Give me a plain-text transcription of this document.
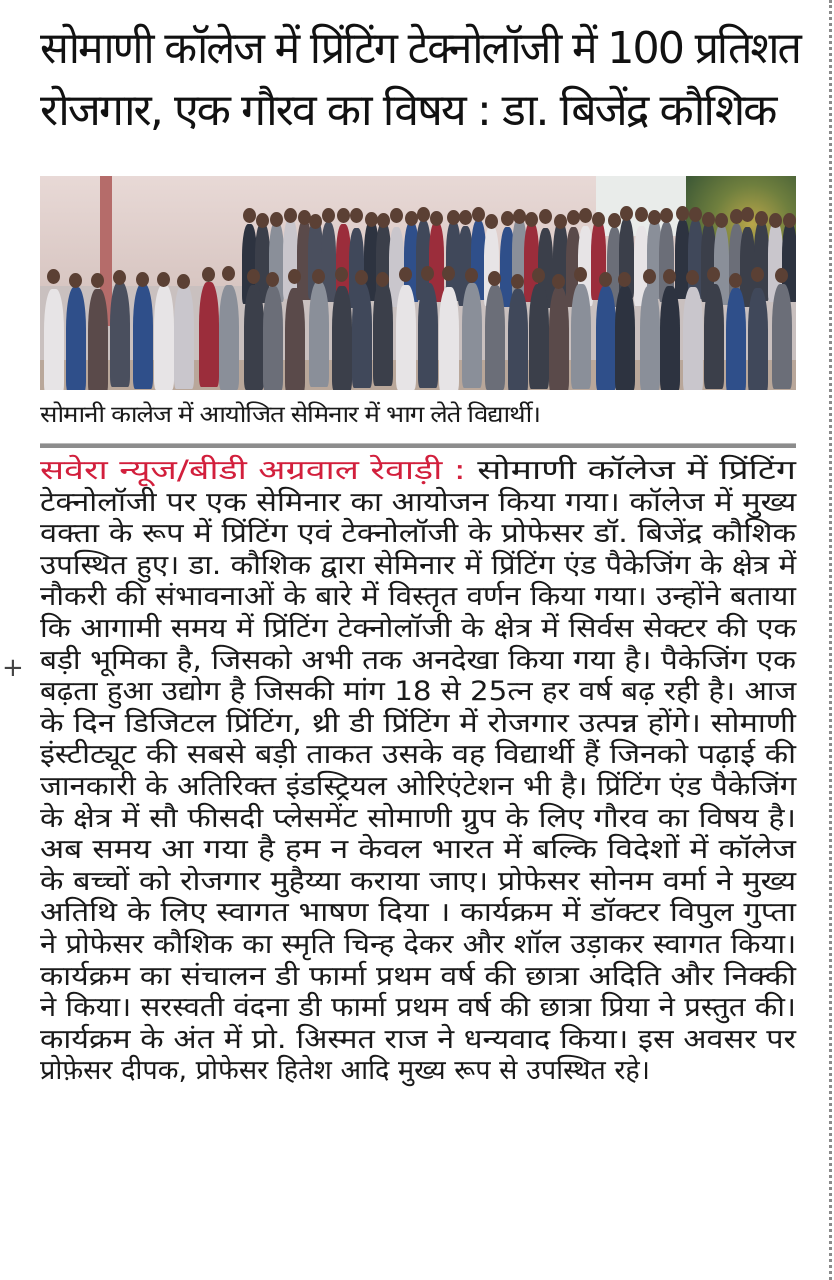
सोमाणी कॉलेज में प्रिंटिंग टेक्नोलॉजी में 100 प्रतिशत
रोजगार, एक गौरव का विषय : डा. बिजेंद्र कौशिक
सोमानी कालेज में आयोजित सेमिनार में भाग लेते विद्यार्थी।
+
सवेरा न्यूज/बीडी अग्रवाल रेवाड़ी : सोमाणी कॉलेज में प्रिंटिंग
टेक्नोलॉजी पर एक सेमिनार का आयोजन किया गया। कॉलेज में मुख्य
वक्ता के रूप में प्रिंटिंग एवं टेक्नोलॉजी के प्रोफेसर डॉ. बिजेंद्र कौशिक
उपस्थित हुए। डा. कौशिक द्वारा सेमिनार में प्रिंटिंग एंड पैकेजिंग के क्षेत्र में
नौकरी की संभावनाओं के बारे में विस्तृत वर्णन किया गया। उन्होंने बताया
कि आगामी समय में प्रिंटिंग टेक्नोलॉजी के क्षेत्र में सिर्वस सेक्टर की एक
बड़ी भूमिका है, जिसको अभी तक अनदेखा किया गया है। पैकेजिंग एक
बढ़ता हुआ उद्योग है जिसकी मांग 18 से 25त्न हर वर्ष बढ़ रही है। आज
के दिन डिजिटल प्रिंटिंग, थ्री डी प्रिंटिंग में रोजगार उत्पन्न होंगे। सोमाणी
इंस्टीट्यूट की सबसे बड़ी ताकत उसके वह विद्यार्थी हैं जिनको पढ़ाई की
जानकारी के अतिरिक्त इंडस्ट्रियल ओरिएंटेशन भी है। प्रिंटिंग एंड पैकेजिंग
के क्षेत्र में सौ फीसदी प्लेसमेंट सोमाणी ग्रुप के लिए गौरव का विषय है।
अब समय आ गया है हम न केवल भारत में बल्कि विदेशों में कॉलेज
के बच्चों को रोजगार मुहैय्या कराया जाए। प्रोफेसर सोनम वर्मा ने मुख्य
अतिथि के लिए स्वागत भाषण दिया । कार्यक्रम में डॉक्टर विपुल गुप्ता
ने प्रोफेसर कौशिक का स्मृति चिन्ह देकर और शॉल उड़ाकर स्वागत किया।
कार्यक्रम का संचालन डी फार्मा प्रथम वर्ष की छात्रा अदिति और निक्की
ने किया। सरस्वती वंदना डी फार्मा प्रथम वर्ष की छात्रा प्रिया ने प्रस्तुत की।
कार्यक्रम के अंत में प्रो. अिस्मत राज ने धन्यवाद किया। इस अवसर पर
प्रोफ़ेसर दीपक, प्रोफेसर हितेश आदि मुख्य रूप से उपस्थित रहे।
